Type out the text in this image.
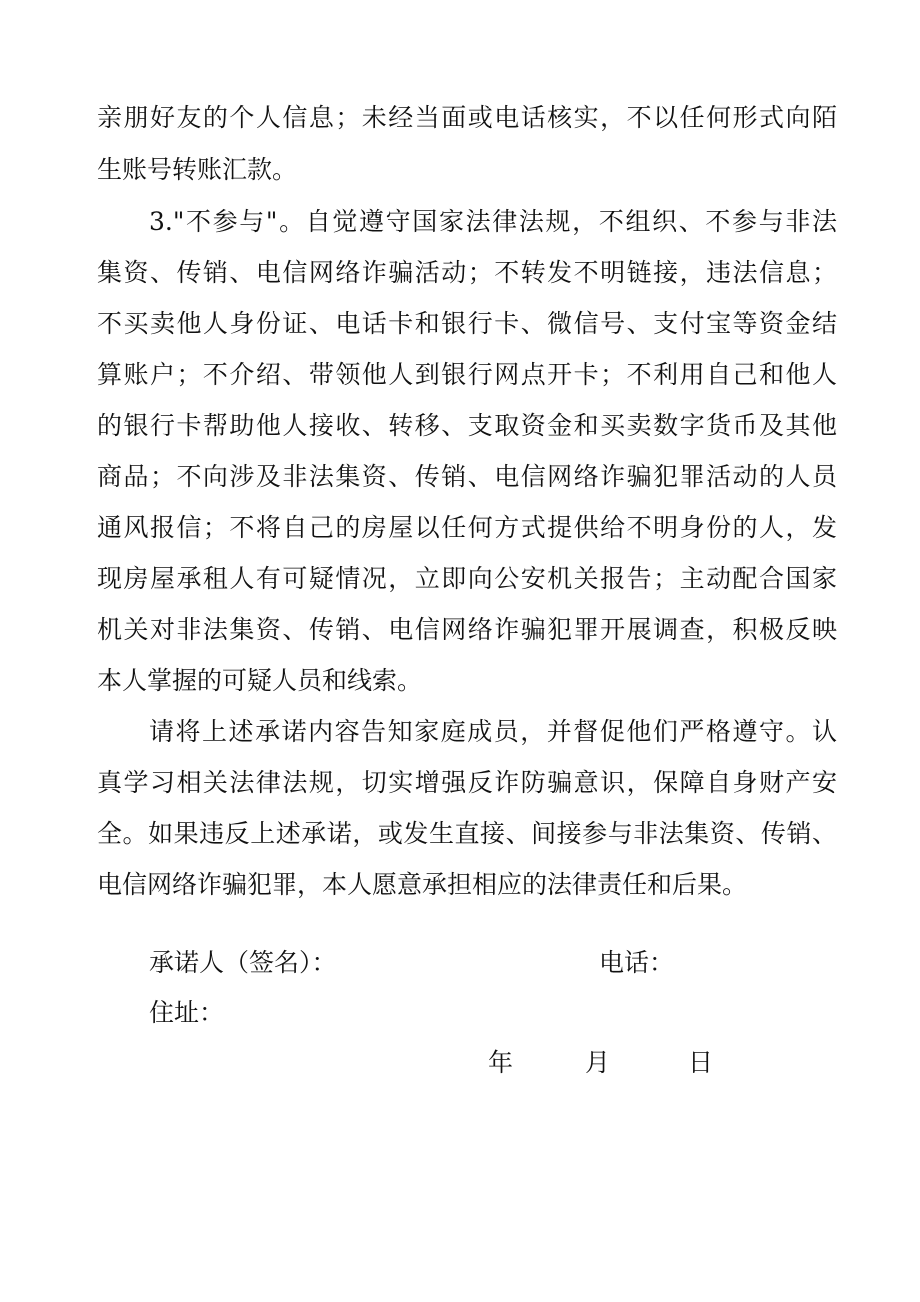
亲朋好友的个人信息；未经当面或电话核实，不以任何形式向陌
生账号转账汇款。
3."不参与"。自觉遵守国家法律法规，不组织、不参与非法
集资、传销、电信网络诈骗活动；不转发不明链接，违法信息；
不买卖他人身份证、电话卡和银行卡、微信号、支付宝等资金结
算账户；不介绍、带领他人到银行网点开卡；不利用自己和他人
的银行卡帮助他人接收、转移、支取资金和买卖数字货币及其他
商品；不向涉及非法集资、传销、电信网络诈骗犯罪活动的人员
通风报信；不将自己的房屋以任何方式提供给不明身份的人，发
现房屋承租人有可疑情况，立即向公安机关报告；主动配合国家
机关对非法集资、传销、电信网络诈骗犯罪开展调查，积极反映
本人掌握的可疑人员和线索。
请将上述承诺内容告知家庭成员，并督促他们严格遵守。认
真学习相关法律法规，切实增强反诈防骗意识，保障自身财产安
全。如果违反上述承诺，或发生直接、间接参与非法集资、传销、
电信网络诈骗犯罪，本人愿意承担相应的法律责任和后果。
承诺人（签名）：	电话：
住址：
年	月	日
